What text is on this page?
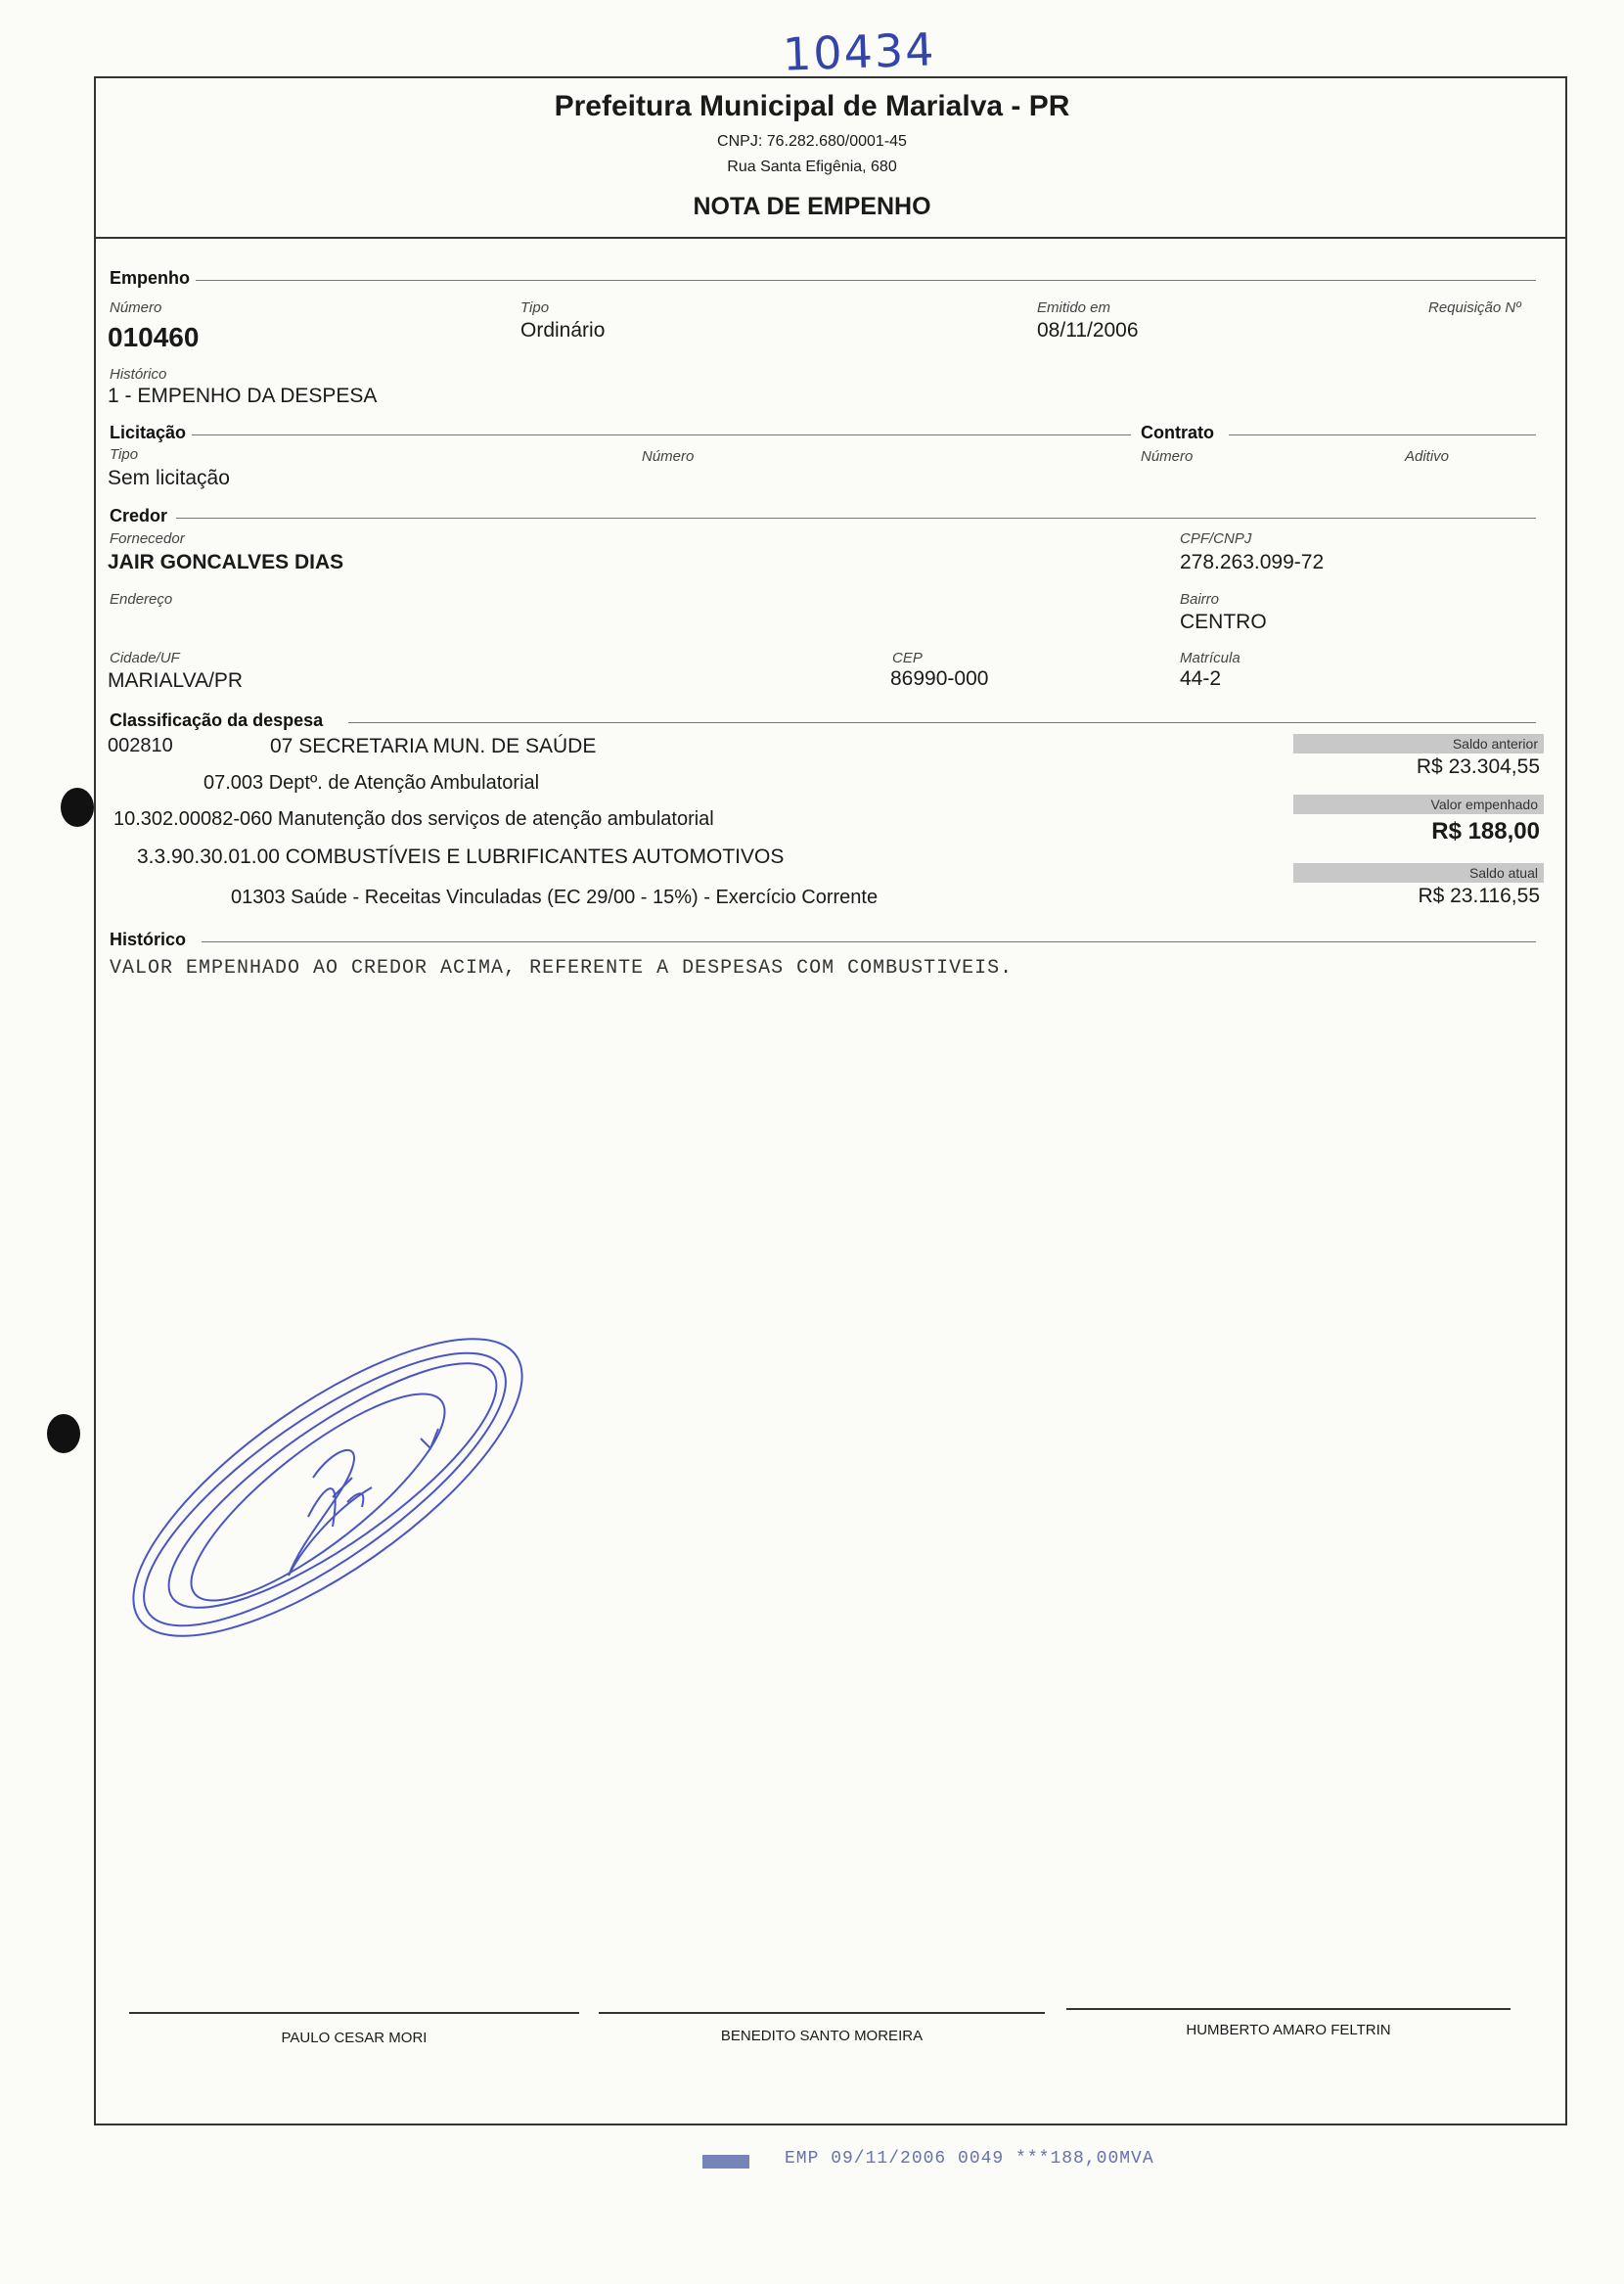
10434
Prefeitura Municipal de Marialva - PR
CNPJ: 76.282.680/0001-45
Rua Santa Efigênia, 680
NOTA DE EMPENHO
Empenho
Número
010460
Tipo
Ordinário
Emitido em
08/11/2006
Requisição Nº
Histórico
1 - EMPENHO DA DESPESA
Licitação	Contrato
Tipo
Sem licitação
Número	Número	Aditivo
Credor
Fornecedor
JAIR GONCALVES DIAS
CPF/CNPJ
278.263.099-72
Endereço	Bairro
CENTRO
Cidade/UF
MARIALVA/PR
CEP
86990-000
Matrícula
44-2
Classificação da despesa
002810	07 SECRETARIA MUN. DE SAÚDE
07.003 Deptº. de Atenção Ambulatorial
10.302.00082-060 Manutenção dos serviços de atenção ambulatorial
3.3.90.30.01.00 COMBUSTÍVEIS E LUBRIFICANTES AUTOMOTIVOS
01303 Saúde - Receitas Vinculadas (EC 29/00 - 15%) - Exercício Corrente
Saldo anterior
R$ 23.304,55
Valor empenhado
R$ 188,00
Saldo atual
R$ 23.116,55
Histórico
VALOR EMPENHADO AO CREDOR ACIMA, REFERENTE A DESPESAS COM COMBUSTIVEIS.
PAULO CESAR MORI	BENEDITO SANTO MOREIRA	HUMBERTO AMARO FELTRIN
EMP 09/11/2006 0049 ***188,00MVA
